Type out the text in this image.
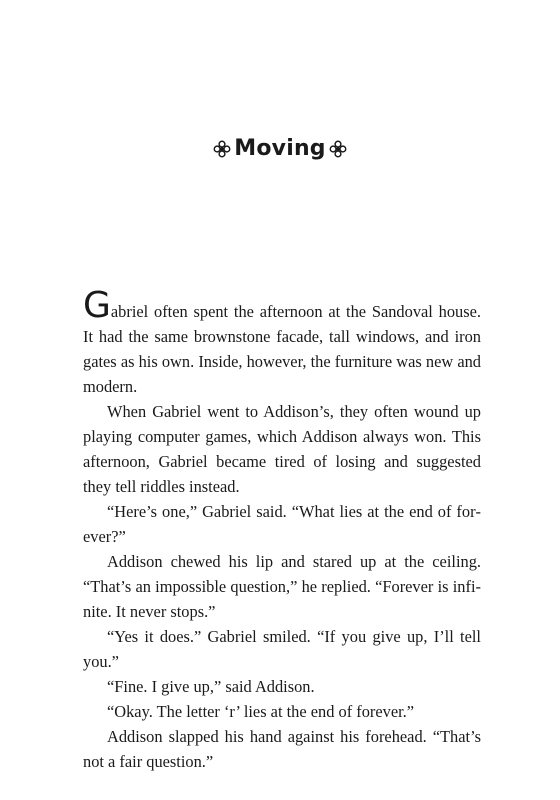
Moving

Gabriel often spent the afternoon at the Sandoval house. It had the same brownstone facade, tall windows, and iron gates as his own. Inside, however, the furniture was new and modern.

When Gabriel went to Addison’s, they often wound up playing computer games, which Addison always won. This afternoon, Gabriel became tired of losing and suggested they tell riddles instead.

“Here’s one,” Gabriel said. “What lies at the end of forever?”

Addison chewed his lip and stared up at the ceiling. “That’s an impossible question,” he replied. “Forever is infinite. It never stops.”

“Yes it does.” Gabriel smiled. “If you give up, I’ll tell you.”

“Fine. I give up,” said Addison.

“Okay. The letter ‘r’ lies at the end of forever.”

Addison slapped his hand against his forehead. “That’s not a fair question.”
